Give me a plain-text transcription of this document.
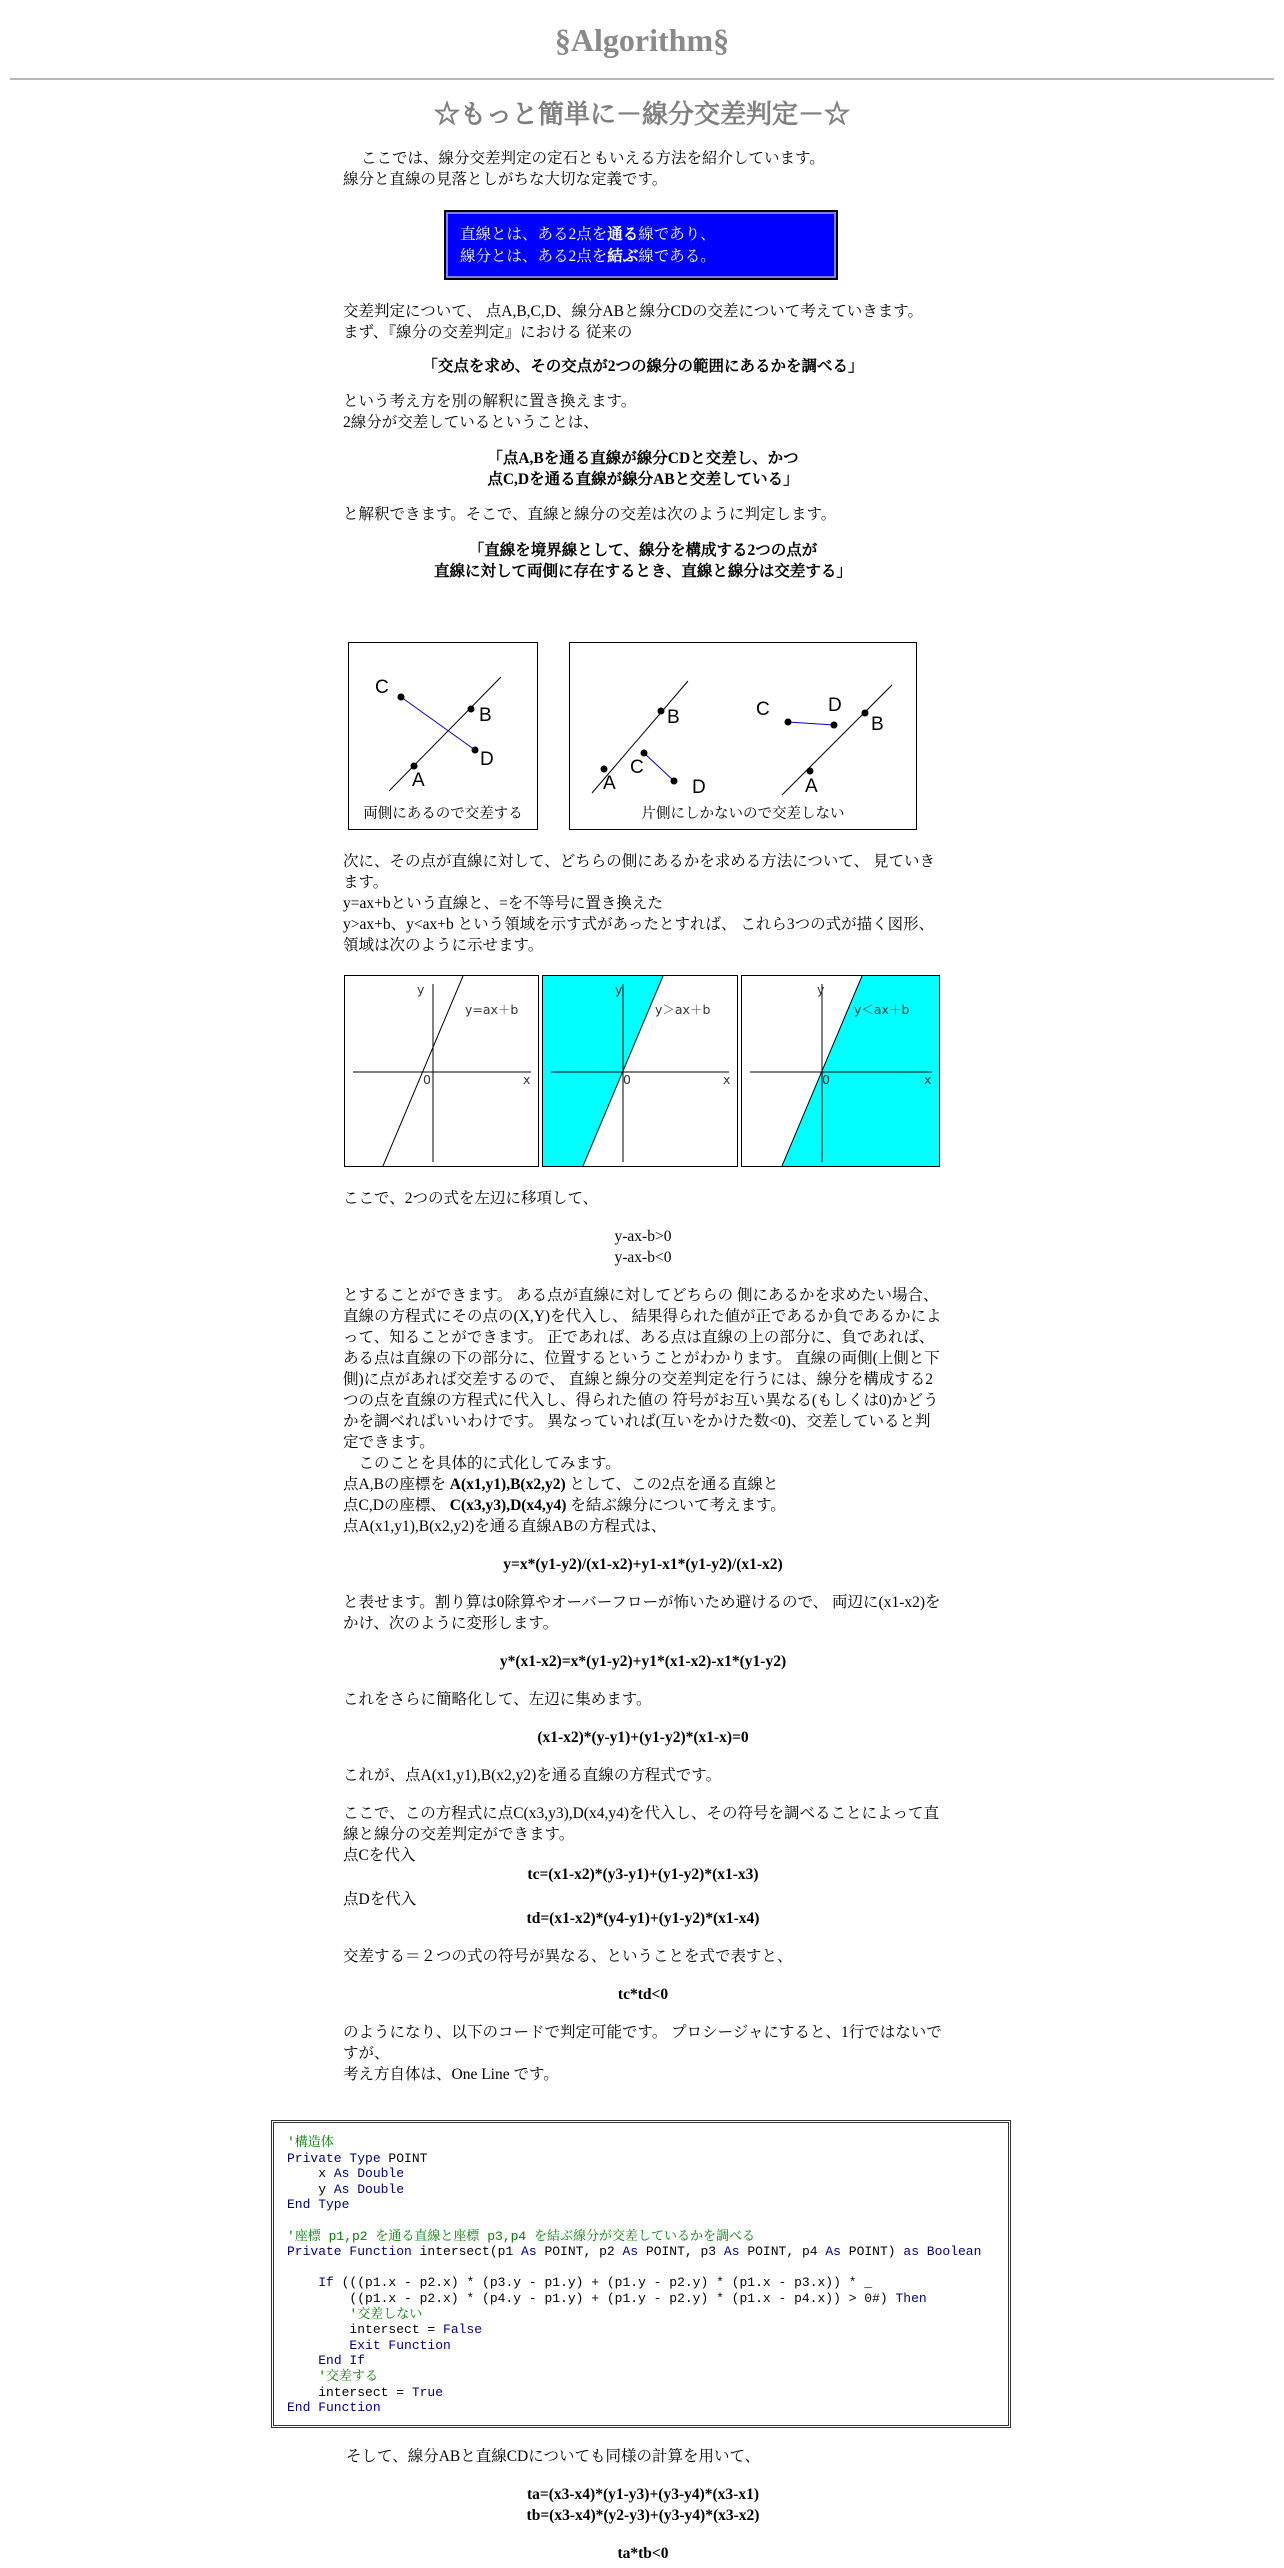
§Algorithm§
☆もっと簡単に－線分交差判定－☆

ここでは、線分交差判定の定石ともいえる方法を紹介しています。

線分と直線の見落としがちな大切な定義です。

直線とは、ある2点を通る線であり、
線分とは、ある2点を結ぶ線である。

交差判定について、 点A,B,C,D、線分ABと線分CDの交差について考えていきます。　 まず、『線分の交差判定』における 従来の

「交点を求め、その交点が2つの線分の範囲にあるかを調べる」

という考え方を別の解釈に置き換えます。

2線分が交差しているということは、

「点A,Bを通る直線が線分CDと交差し、かつ

点C,Dを通る直線が線分ABと交差している」

と解釈できます。そこで、直線と線分の交差は次のように判定します。

「直線を境界線として、線分を構成する2つの点が

直線に対して両側に存在するとき、直線と線分は交差する」

C
B
D
A
両側にあるので交差する
B
C
A	D
C	D
B
A
片側にしかないので交差しない

次に、その点が直線に対して、どちらの側にあるかを求める方法について、 見ていきます。

y=ax+bという直線と、=を不等号に置き換えた

y>ax+b、y<ax+b という領域を示す式があったとすれば、 これら3つの式が描く図形、領域は次のように示せます。

y
y=ax＋b
0	x
y
y＞ax＋b
0	x
y
y＜ax＋b
0	x

ここで、2つの式を左辺に移項して、

y-ax-b>0

y-ax-b<0

とすることができます。 ある点が直線に対してどちらの 側にあるかを求めたい場合、直線の方程式にその点の(X,Y)を代入し、 結果得られた値が正であるか負であるかによって、知ることができます。 正であれば、ある点は直線の上の部分に、負であれば、 ある点は直線の下の部分に、位置するということがわかります。 直線の両側(上側と下側)に点があれば交差するので、 直線と線分の交差判定を行うには、線分を構成する2つの点を直線の方程式に代入し、得られた値の 符号がお互い異なる(もしくは0)かどうかを調べればいいわけです。 異なっていれば(互いをかけた数<0)、交差していると判定できます。

　このことを具体的に式化してみます。

点A,Bの座標を A(x1,y1),B(x2,y2) として、この2点を通る直線と

点C,Dの座標、 C(x3,y3),D(x4,y4) を結ぶ線分について考えます。

点A(x1,y1),B(x2,y2)を通る直線ABの方程式は、

y=x*(y1-y2)/(x1-x2)+y1-x1*(y1-y2)/(x1-x2)

と表せます。割り算は0除算やオーバーフローが怖いため避けるので、 両辺に(x1-x2)をかけ、次のように変形します。

y*(x1-x2)=x*(y1-y2)+y1*(x1-x2)-x1*(y1-y2)

これをさらに簡略化して、左辺に集めます。

(x1-x2)*(y-y1)+(y1-y2)*(x1-x)=0

これが、点A(x1,y1),B(x2,y2)を通る直線の方程式です。

ここで、この方程式に点C(x3,y3),D(x4,y4)を代入し、その符号を調べることによって直線と線分の交差判定ができます。

点Cを代入

tc=(x1-x2)*(y3-y1)+(y1-y2)*(x1-x3)

点Dを代入

td=(x1-x2)*(y4-y1)+(y1-y2)*(x1-x4)

交差する＝２つの式の符号が異なる、ということを式で表すと、

tc*td<0

のようになり、以下のコードで判定可能です。 プロシージャにすると、1行ではないですが、

考え方自体は、One Line です。

'構造体
Private Type POINT
x As Double
y As Double
End Type

'座標 p1,p2 を通る直線と座標 p3,p4 を結ぶ線分が交差しているかを調べる
Private Function intersect(p1 As POINT, p2 As POINT, p3 As POINT, p4 As POINT) as Boolean

If (((p1.x - p2.x) * (p3.y - p1.y) + (p1.y - p2.y) * (p1.x - p3.x)) * _
((p1.x - p2.x) * (p4.y - p1.y) + (p1.y - p2.y) * (p1.x - p4.x)) > 0#) Then
'交差しない
intersect = False
Exit Function
End If
'交差する
intersect = True
End Function

そして、線分ABと直線CDについても同様の計算を用いて、

ta=(x3-x4)*(y1-y3)+(y3-y4)*(x3-x1)

tb=(x3-x4)*(y2-y3)+(y3-y4)*(x3-x2)

ta*tb<0
